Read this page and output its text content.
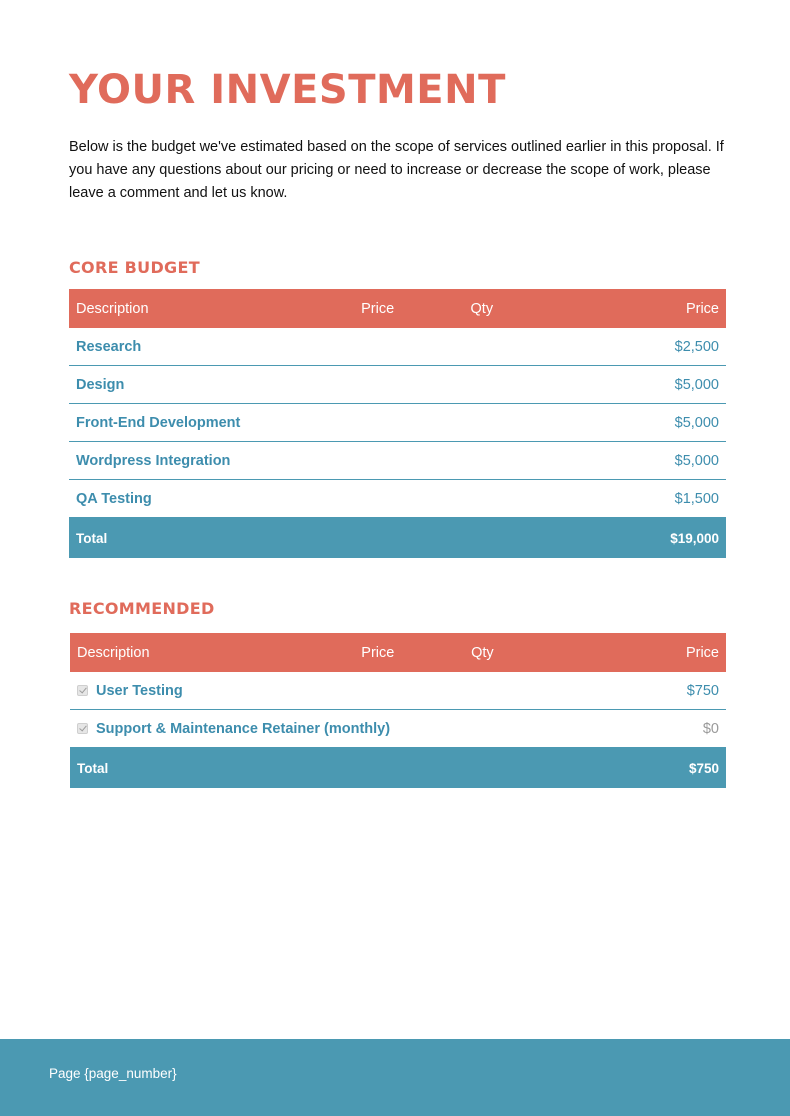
YOUR INVESTMENT

Below is the budget we've estimated based on the scope of services outlined earlier in this proposal. If you have any questions about our pricing or need to increase or decrease the scope of work, please leave a comment and let us know.

CORE BUDGET
Description	Price	Qty	Price
Research			$2,500
Design			$5,000
Front-End Development			$5,000
Wordpress Integration			$5,000
QA Testing			$1,500
Total			$19,000
RECOMMENDED
Description	Price	Qty	Price
User Testing			$750
Support & Maintenance Retainer (monthly)			$0
Total			$750
Page {page_number}
